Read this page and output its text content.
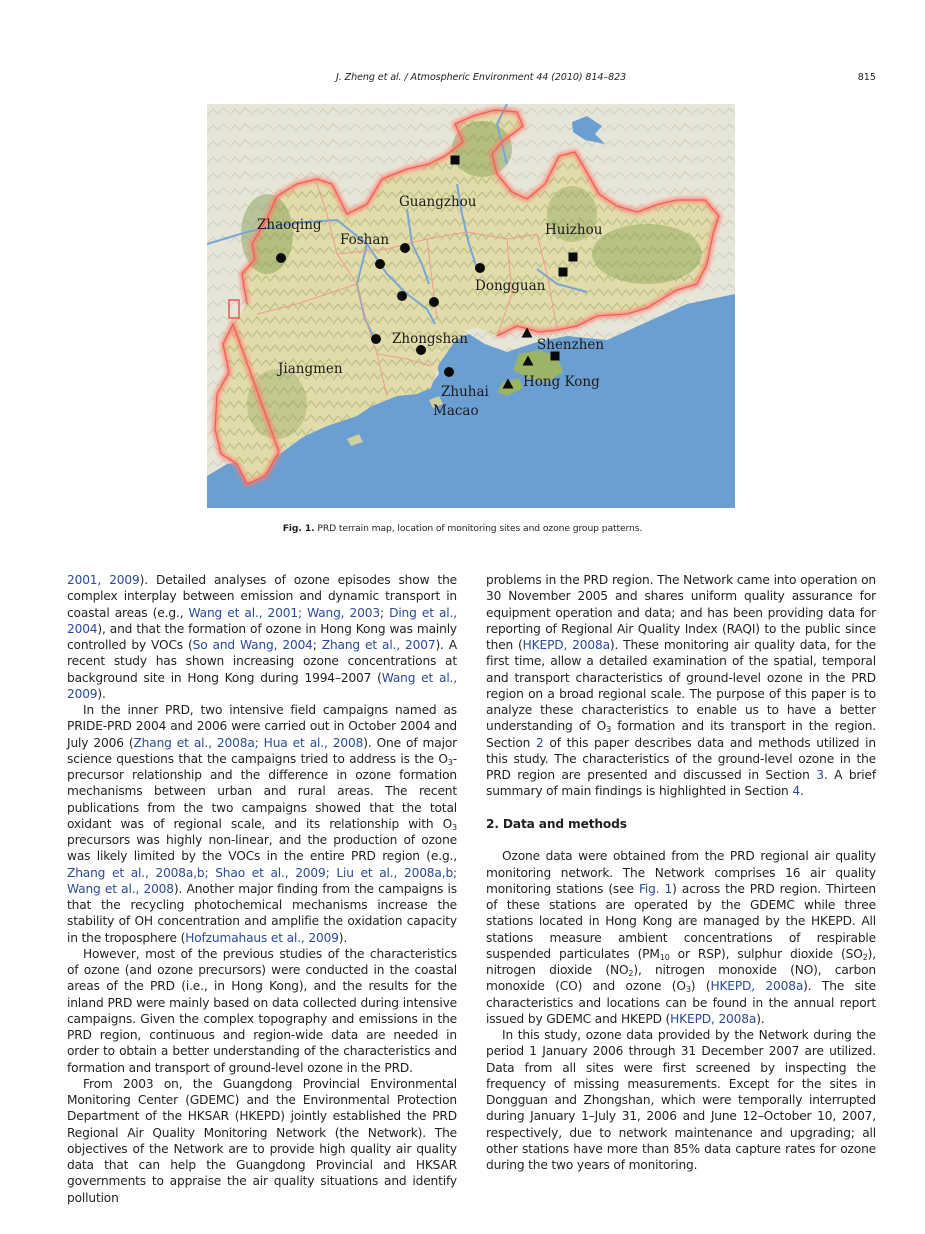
J. Zheng et al. / Atmospheric Environment 44 (2010) 814–823	815
Zhaoqing
Foshan
Guangzhou
Huizhou
Dongguan
Zhongshan
Jiangmen
Shenzhen
Hong Kong
Zhuhai
Macao
Fig. 1. PRD terrain map, location of monitoring sites and ozone group patterns.

2001, 2009). Detailed analyses of ozone episodes show the complex interplay between emission and dynamic transport in coastal areas (e.g., Wang et al., 2001; Wang, 2003; Ding et al., 2004), and that the formation of ozone in Hong Kong was mainly controlled by VOCs (So and Wang, 2004; Zhang et al., 2007). A recent study has shown increasing ozone concentrations at background site in Hong Kong during 1994–2007 (Wang et al., 2009).

In the inner PRD, two intensive field campaigns named as PRIDE-PRD 2004 and 2006 were carried out in October 2004 and July 2006 (Zhang et al., 2008a; Hua et al., 2008). One of major science questions that the campaigns tried to address is the $O_3$-precursor relationship and the difference in ozone formation mechanisms between urban and rural areas. The recent publications from the two campaigns showed that the total oxidant was of regional scale, and its relationship with $O_3$ precursors was highly non-linear, and the production of ozone was likely limited by the VOCs in the entire PRD region (e.g., Zhang et al., 2008a,b; Shao et al., 2009; Liu et al., 2008a,b; Wang et al., 2008). Another major finding from the campaigns is that the recycling photochemical mechanisms increase the stability of OH concentration and amplifie the oxidation capacity in the troposphere (Hofzumahaus et al., 2009).

However, most of the previous studies of the characteristics of ozone (and ozone precursors) were conducted in the coastal areas of the PRD (i.e., in Hong Kong), and the results for the inland PRD were mainly based on data collected during intensive campaigns. Given the complex topography and emissions in the PRD region, continuous and region-wide data are needed in order to obtain a better understanding of the characteristics and formation and transport of ground-level ozone in the PRD.

From 2003 on, the Guangdong Provincial Environmental Monitoring Center (GDEMC) and the Environmental Protection Department of the HKSAR (HKEPD) jointly established the PRD Regional Air Quality Monitoring Network (the Network). The objectives of the Network are to provide high quality air quality data that can help the Guangdong Provincial and HKSAR governments to appraise the air quality situations and identify pollution

problems in the PRD region. The Network came into operation on 30 November 2005 and shares uniform quality assurance for equipment operation and data; and has been providing data for reporting of Regional Air Quality Index (RAQI) to the public since then (HKEPD, 2008a). These monitoring air quality data, for the first time, allow a detailed examination of the spatial, temporal and transport characteristics of ground-level ozone in the PRD region on a broad regional scale. The purpose of this paper is to analyze these characteristics to enable us to have a better understanding of $O_3$ formation and its transport in the region. Section 2 of this paper describes data and methods utilized in this study. The characteristics of the ground-level ozone in the PRD region are presented and discussed in Section 3. A brief summary of main findings is highlighted in Section 4.

2. Data and methods

Ozone data were obtained from the PRD regional air quality monitoring network. The Network comprises 16 air quality monitoring stations (see Fig. 1) across the PRD region. Thirteen of these stations are operated by the GDEMC while three stations located in Hong Kong are managed by the HKEPD. All stations measure ambient concentrations of respirable suspended particulates ($PM_{10}$ or RSP), sulphur dioxide $(SO_2)$, nitrogen dioxide $(NO_2)$, nitrogen monoxide (NO), carbon monoxide (CO) and ozone $(O_3)$ (HKEPD, 2008a). The site characteristics and locations can be found in the annual report issued by GDEMC and HKEPD (HKEPD, 2008a).

In this study, ozone data provided by the Network during the period 1 January 2006 through 31 December 2007 are utilized. Data from all sites were first screened by inspecting the frequency of missing measurements. Except for the sites in Dongguan and Zhongshan, which were temporally interrupted during January 1–July 31, 2006 and June 12–October 10, 2007, respectively, due to network maintenance and upgrading; all other stations have more than 85% data capture rates for ozone during the two years of monitoring.
